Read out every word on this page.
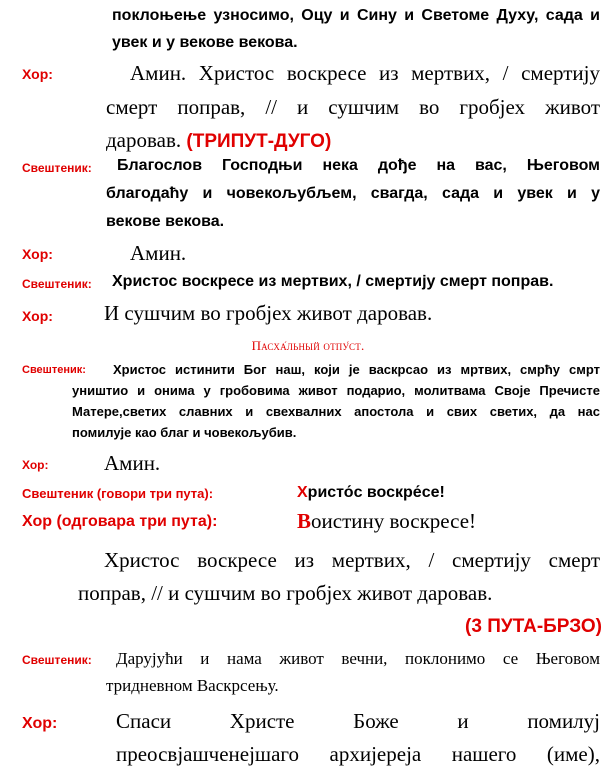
поклоњење узносимо, Оцу и Сину и Светоме Духу, сада и
увек и у векове векова.
Хор:	Амин. Христос воскресе из мертвих, / смертију
смерт поправ, // и сушчим во гробјех живот
даровав. (ТРИПУТ-ДУГО)
Свештеник: Благослов Господњи нека дође на вас, Његовом
благодаћу и човекољубљем, свагда, сада и увек и у
векове векова.
Хор:	Амин.
Свештеник: Христос воскресе из мертвих, / смертију смерт поправ.
Хор: И сушчим во гробјех живот даровав.
Пасха́льный отпу́ст.
Свештеник: Христос истинити Бог наш, који је васкрсао из мртвих, смрћу смрт
уништио и онима у гробовима живот подарио, молитвама Своје Пречисте
Матере,светих славних и свехвалних апостола и свих светих, да нас
помилује као благ и човекољубив.
Хор:	Амин.
Свештеник (говори три пута):	Христо́с воскре́се!
Хор (одговара три пута):	Воистину воскресе!
Христос воскресе из мертвих, / смертију смерт
поправ, // и сушчим во гробјех живот даровав.
(3 ПУТА-БРЗО)
Свештеник: Дарујући и нама живот вечни, поклонимо се Његовом
тридневном Васкрсењу.
Хор:	Спаси Христе Боже и помилуј
преосвјашченејшаго архијереја нашего (име),
